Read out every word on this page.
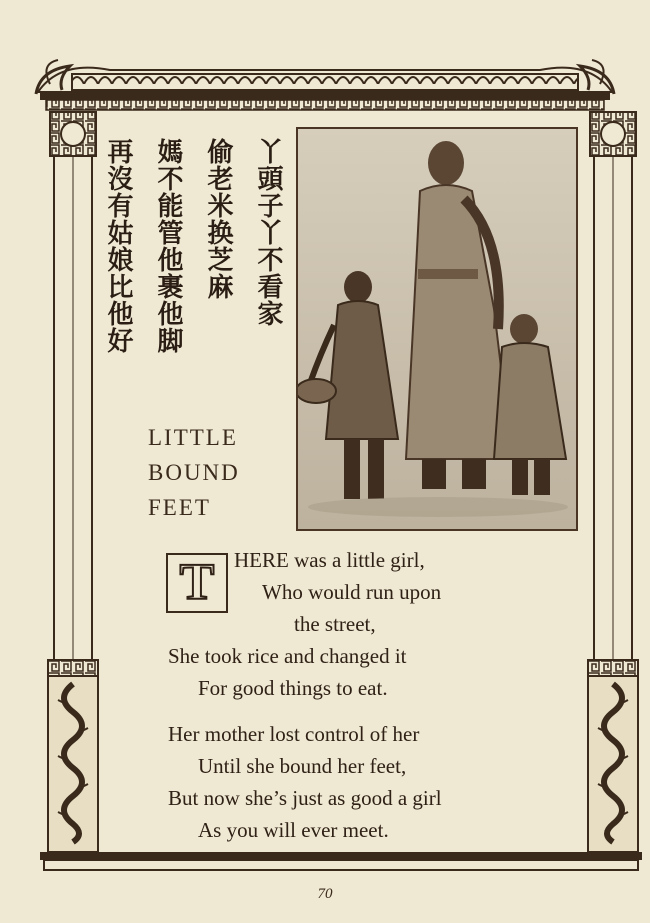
丫頭子丫不看家
偷老米换芝麻
媽不能管他裹他脚
再沒有姑娘比他好
LITTLE
BOUND
FEET
T HERE was a little girl,
Who would run upon
the street,
She took rice and changed it
For good things to eat.
Her mother lost control of her
Until she bound her feet,
But now she’s just as good a girl
As you will ever meet.
70
